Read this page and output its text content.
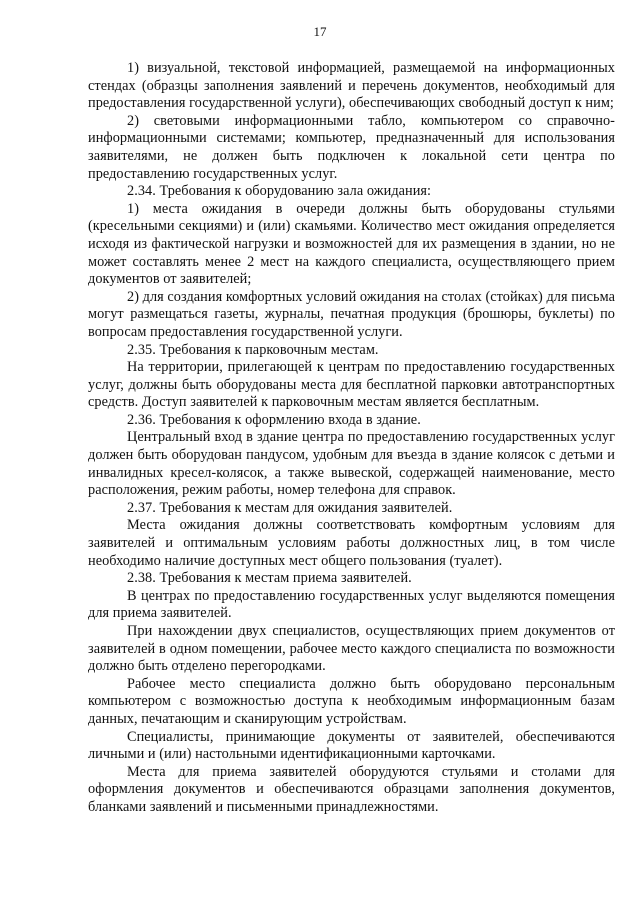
17

1) визуальной, текстовой информацией, размещаемой на информационных стендах (образцы заполнения заявлений и перечень документов, необходимый для предоставления государственной услуги), обеспечивающих свободный доступ к ним;

2) световыми информационными табло, компьютером со справочно-информационными системами; компьютер, предназначенный для использования заявителями, не должен быть подключен к локальной сети центра по предоставлению государственных услуг.

2.34. Требования к оборудованию зала ожидания:

1) места ожидания в очереди должны быть оборудованы стульями (кресельными секциями) и (или) скамьями. Количество мест ожидания определяется исходя из фактической нагрузки и возможностей для их размещения в здании, но не может составлять менее 2 мест на каждого специалиста, осуществляющего прием документов от заявителей;

2) для создания комфортных условий ожидания на столах (стойках) для письма могут размещаться газеты, журналы, печатная продукция (брошюры, буклеты) по вопросам предоставления государственной услуги.

2.35. Требования к парковочным местам.

На территории, прилегающей к центрам по предоставлению государственных услуг, должны быть оборудованы места для бесплатной парковки автотранспортных средств. Доступ заявителей к парковочным местам является бесплатным.

2.36. Требования к оформлению входа в здание.

Центральный вход в здание центра по предоставлению государственных услуг должен быть оборудован пандусом, удобным для въезда в здание колясок с детьми и инвалидных кресел-колясок, а также вывеской, содержащей наименование, место расположения, режим работы, номер телефона для справок.

2.37. Требования к местам для ожидания заявителей.

Места ожидания должны соответствовать комфортным условиям для заявителей и оптимальным условиям работы должностных лиц, в том числе необходимо наличие доступных мест общего пользования (туалет).

2.38. Требования к местам приема заявителей.

В центрах по предоставлению государственных услуг выделяются помещения для приема заявителей.

При нахождении двух специалистов, осуществляющих прием документов от заявителей в одном помещении, рабочее место каждого специалиста по возможности должно быть отделено перегородками.

Рабочее место специалиста должно быть оборудовано персональным компьютером с возможностью доступа к необходимым информационным базам данных, печатающим и сканирующим устройствам.

Специалисты, принимающие документы от заявителей, обеспечиваются личными и (или) настольными идентификационными карточками.

Места для приема заявителей оборудуются стульями и столами для оформления документов и обеспечиваются образцами заполнения документов, бланками заявлений и письменными принадлежностями.
